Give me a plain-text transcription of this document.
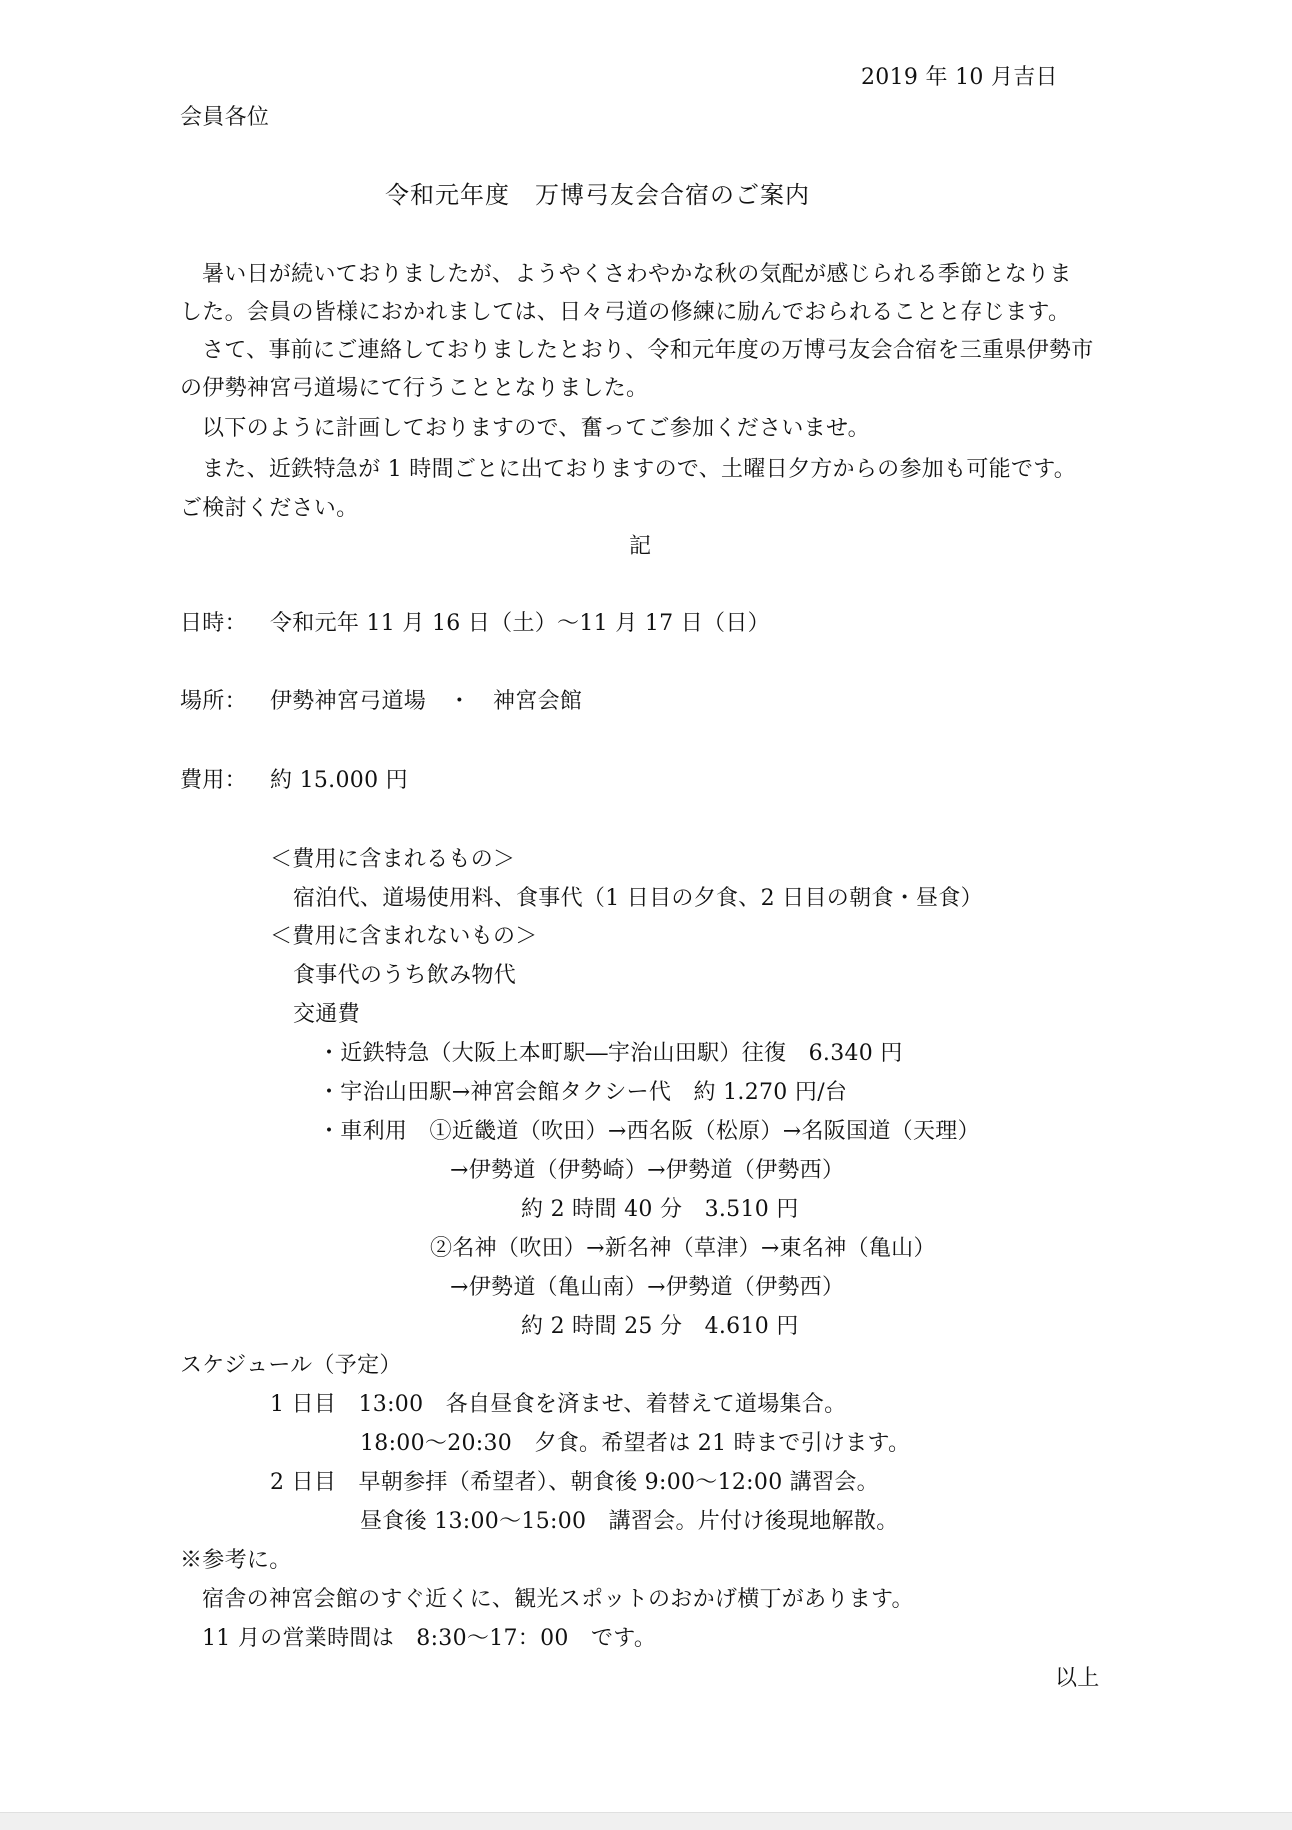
2019 年 10 月吉日
会員各位
令和元年度　万博弓友会合宿のご案内
暑い日が続いておりましたが、ようやくさわやかな秋の気配が感じられる季節となりま
した。会員の皆様におかれましては、日々弓道の修練に励んでおられることと存じます。
さて、事前にご連絡しておりましたとおり、令和元年度の万博弓友会合宿を三重県伊勢市
の伊勢神宮弓道場にて行うこととなりました。
以下のように計画しておりますので、奮ってご参加くださいませ。
また、近鉄特急が 1 時間ごとに出ておりますので、土曜日夕方からの参加も可能です。
ご検討ください。
記
日時： 令和元年 11 月 16 日（土）〜11 月 17 日（日）
場所： 伊勢神宮弓道場　・　神宮会館
費用： 約 15.000 円
＜費用に含まれるもの＞
宿泊代、道場使用料、食事代（1 日目の夕食、2 日目の朝食・昼食）
＜費用に含まれないもの＞
食事代のうち飲み物代
交通費
・近鉄特急（大阪上本町駅―宇治山田駅）往復　6.340 円
・宇治山田駅→神宮会館タクシー代　約 1.270 円/台
・車利用　①近畿道（吹田）→西名阪（松原）→名阪国道（天理）
→伊勢道（伊勢崎）→伊勢道（伊勢西）
約 2 時間 40 分　3.510 円
②名神（吹田）→新名神（草津）→東名神（亀山）
→伊勢道（亀山南）→伊勢道（伊勢西）
約 2 時間 25 分　4.610 円
スケジュール（予定）
1 日目　13:00　各自昼食を済ませ、着替えて道場集合。
18:00〜20:30　夕食。希望者は 21 時まで引けます。
2 日目　早朝参拝（希望者）、朝食後 9:00〜12:00 講習会。
昼食後 13:00〜15:00　講習会。片付け後現地解散。
※参考に。
宿舎の神宮会館のすぐ近くに、観光スポットのおかげ横丁があります。
11 月の営業時間は　8:30〜17：00　です。
以上
